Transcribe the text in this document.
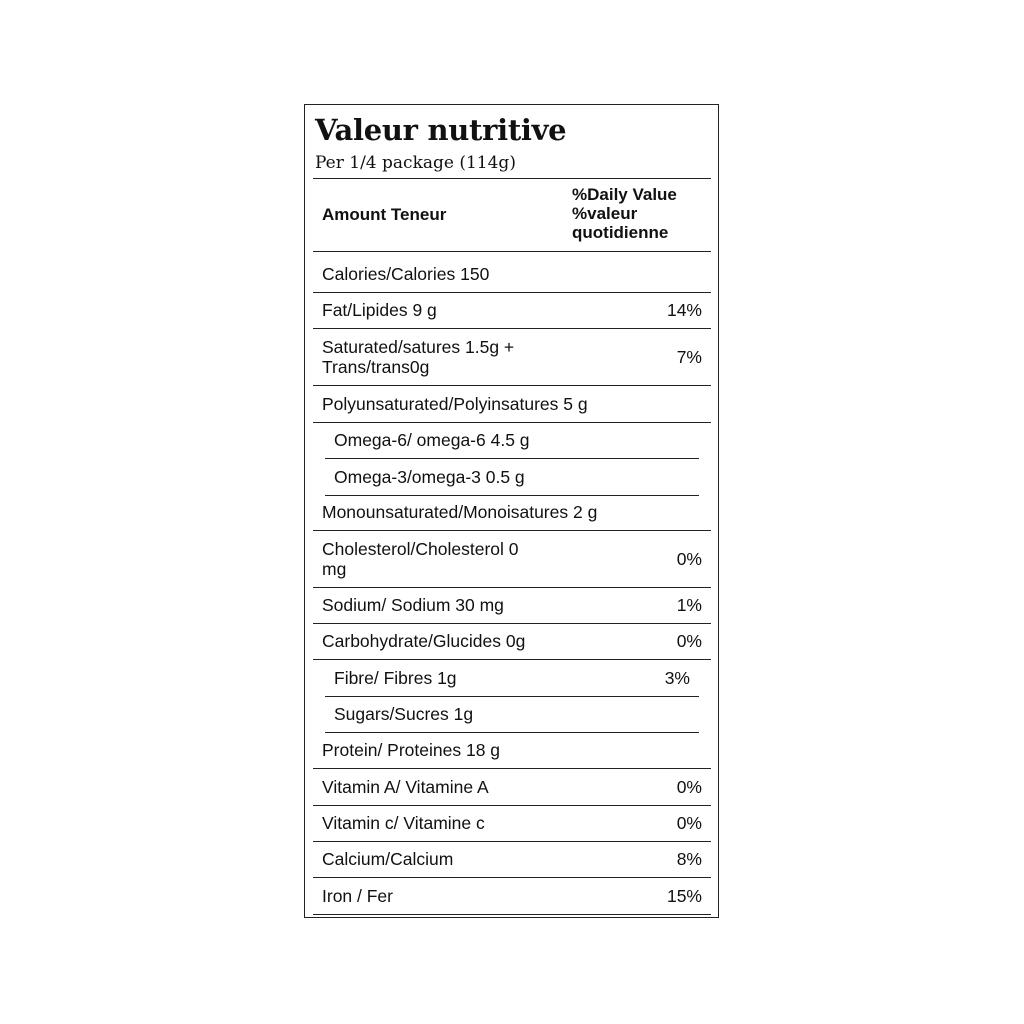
Valeur nutritive
Per 1/4 package (114g)
Amount Teneur
%Daily Value
%valeur
quotidienne
Calories/Calories 150
Fat/Lipides 9 g	14%
Saturated/satures 1.5g +
Trans/trans0g	7%
Polyunsaturated/Polyinsatures 5 g
Omega-6/ omega-6 4.5 g
Omega-3/omega-3 0.5 g
Monounsaturated/Monoisatures 2 g
Cholesterol/Cholesterol 0
mg	0%
Sodium/ Sodium 30 mg	1%
Carbohydrate/Glucides 0g	0%
Fibre/ Fibres 1g	3%
Sugars/Sucres 1g
Protein/ Proteines 18 g
Vitamin A/ Vitamine A	0%
Vitamin c/ Vitamine c	0%
Calcium/Calcium	8%
Iron / Fer	15%
